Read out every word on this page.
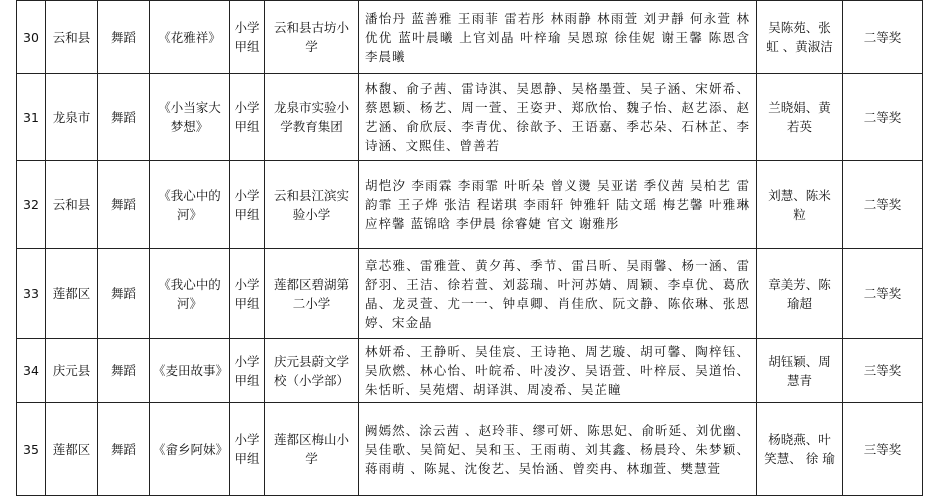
30	云和县	舞蹈	《花雅祥》	小学甲组	云和县古坊小学	潘怡丹 蓝善雅 王雨菲 雷若彤 林雨静 林雨萱 刘尹靜 何永萱 林优优 蓝叶晨曦 上官刘晶 叶梓瑜 吴恩琼 徐佳妮 谢王馨 陈恩含 李晨曦	吴陈苑、张虹 、黄淑洁	二等奖
31	龙泉市	舞蹈	《小当家大梦想》	小学甲组	龙泉市实验小学教育集团	林馥、俞子茜、雷诗淇、吴恩静、吴格墨萱、吴子涵、宋妍希、蔡恩颖、杨艺、周一萱、王姿尹、郑欣怡、魏子怡、赵艺添、赵艺涵、俞欣辰、李青优、徐歆予、王语嘉、季芯朵、石林芷、李诗涵、文熙佳、曾善若	兰晓娟、黄若英	二等奖
32	云和县	舞蹈	《我心中的河》	小学甲组	云和县江滨实验小学	胡恺汐 李雨霖 李雨霏 叶昕朵 曾义燙 吴亚诺 季仪茜 吴柏艺 雷韵霏 王子烨 张洁 程诺琪 李雨轩 钟雅轩 陆文瑶 梅艺馨 叶雅琳 应梓馨 蓝锦晗 李伊晨 徐睿婕 官文 谢雅彤	刘慧、陈米粒	二等奖
33	莲都区	舞蹈	《我心中的河》	小学甲组	莲都区碧湖第二小学	章芯雅、雷雅萱、黄夕苒、季节、雷吕昕、吴雨馨、杨一涵、雷舒羽、王洁、徐若萱、刘蕊瑞、叶河苏婧、周颖、李卓优、葛欣晶、龙灵萱、尤一一、钟卓卿、肖佳欣、阮文静、陈依琳、张恩婷、宋金晶	章美芳、陈瑜超	二等奖
34	庆元县	舞蹈	《麦田故事》	小学甲组	庆元县蔚文学校（小学部）	林妍希、王静昕、吴佳宸、王诗艳、周艺璇、胡可馨、陶梓钰、吴欣燃、林心怡、叶皖希、叶凌汐、吴语萱、叶梓辰、吴道怡、朱恬昕、吴苑熠、胡译淇、周凌希、吴芷瞳	胡钰颖、周慧青	三等奖
35	莲都区	舞蹈	《畲乡阿妹》	小学甲组	莲都区梅山小学	阙嫣然、涂云茜 、赵玲菲、缪可妍、陈思妃、俞昕延、刘优幽、吴佳歌、吴简妃、吴和玉、王雨萌、刘其鑫、杨晨玲、朱梦颖、蒋雨萌 、陈晁、沈俊艺、吴怡涵、曾奕冉、林珈萱、樊慧萱	杨晓燕、叶笑慧、 徐 瑜	三等奖
